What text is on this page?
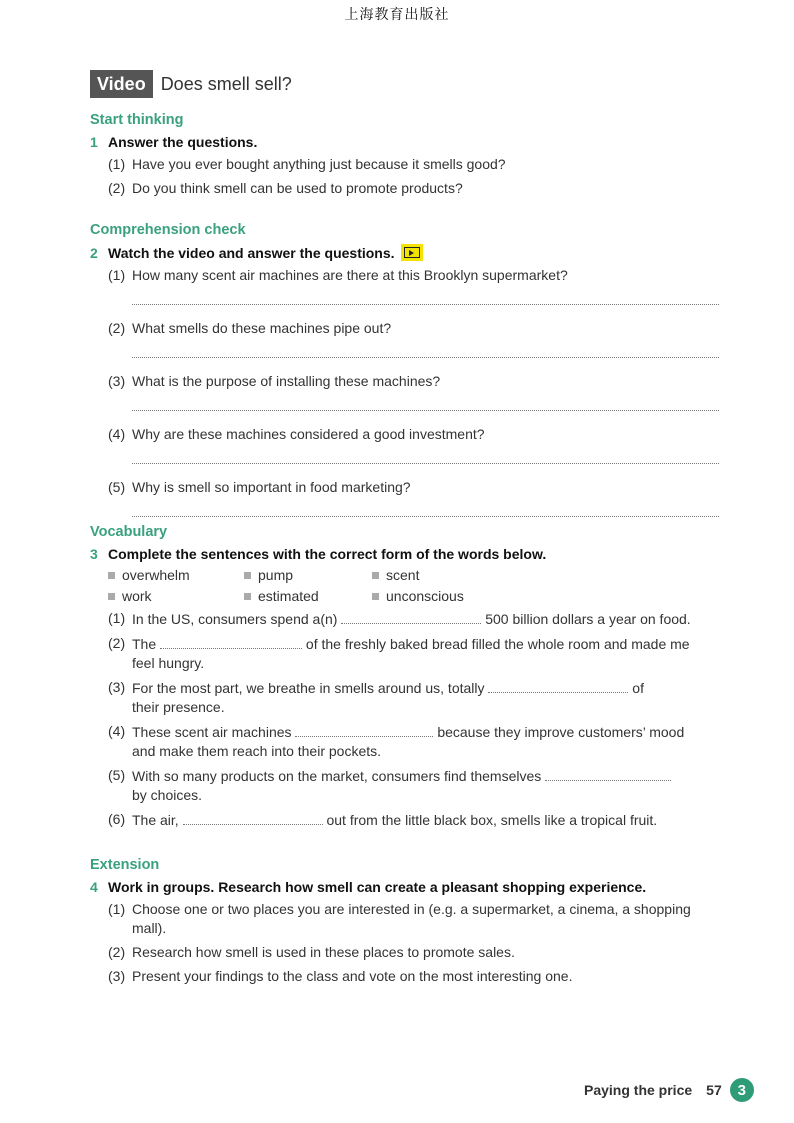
上海教育出版社
Video Does smell sell?
Start thinking
1 Answer the questions.
(1) Have you ever bought anything just because it smells good?
(2) Do you think smell can be used to promote products?
Comprehension check
2 Watch the video and answer the questions.
(1) How many scent air machines are there at this Brooklyn supermarket?
(2) What smells do these machines pipe out?
(3) What is the purpose of installing these machines?
(4) Why are these machines considered a good investment?
(5) Why is smell so important in food marketing?
Vocabulary
3 Complete the sentences with the correct form of the words below.
overwhelm	pump	scent
work	estimated	unconscious
(1) In the US, consumers spend a(n)	500 billion dollars a year on food.
(2) The	of the freshly baked bread filled the whole room and made me
feel hungry.
(3) For the most part, we breathe in smells around us, totally	of
their presence.
(4) These scent air machines	because they improve customers’ mood
and make them reach into their pockets.
(5) With so many products on the market, consumers find themselves
by choices.
(6) The air,	out from the little black box, smells like a tropical fruit.
Extension
4 Work in groups. Research how smell can create a pleasant shopping experience.
(1) Choose one or two places you are interested in (e.g. a supermarket, a cinema, a shopping mall).
(2) Research how smell is used in these places to promote sales.
(3) Present your findings to the class and vote on the most interesting one.
Paying the price 57	3
